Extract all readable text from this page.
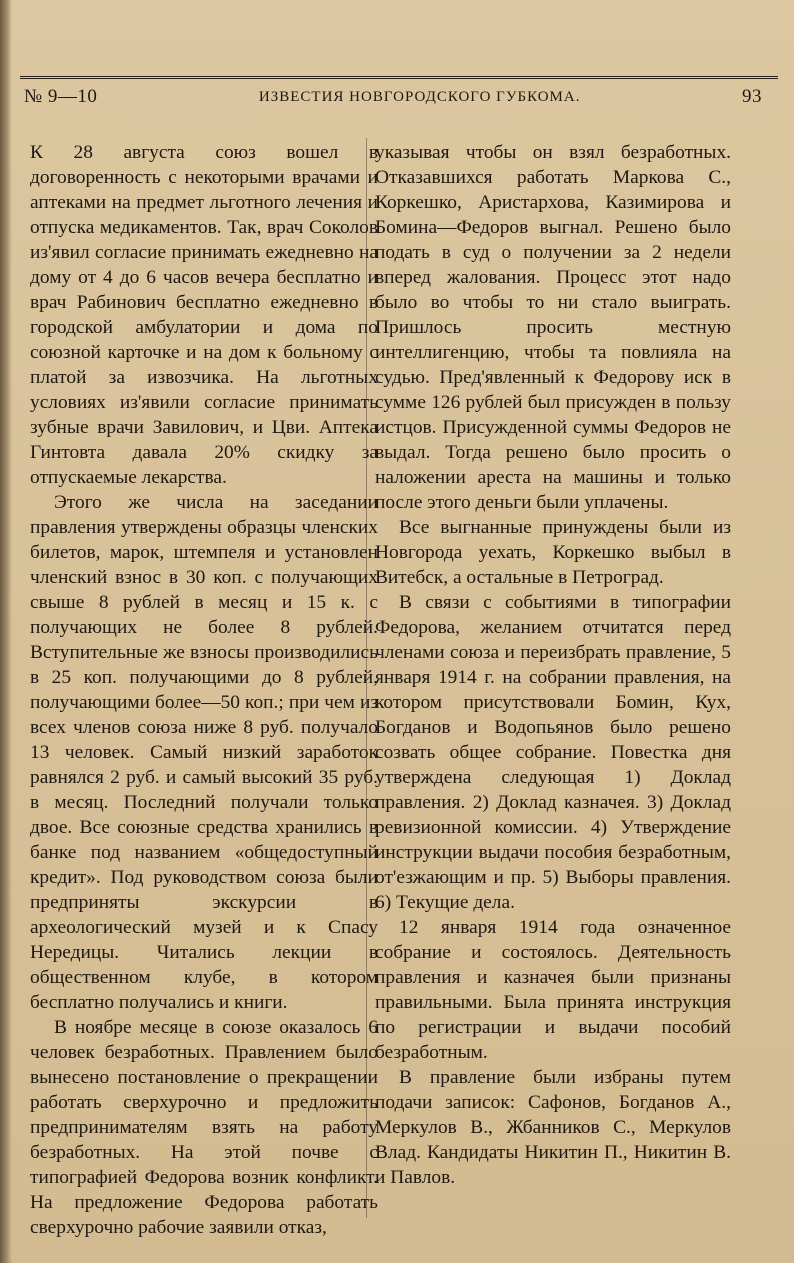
№ 9—10	ИЗВЕСТИЯ НОВГОРОДСКОГО ГУБКОМА.	93

К 28 августа союз вошел в договоренность с некоторыми врачами и аптеками на предмет льготного лечения и отпуска медикаментов. Так, врач Соколов из'явил согласие принимать ежедневно на дому от 4 до 6 часов вечера бесплатно и врач Рабинович бесплатно ежедневно в городской амбулатории и дома по союзной карточке и на дом к больному с платой за извозчика. На льготных условиях из'явили согласие принимать зубные врачи Завилович, и Цви. Аптека Гинтовта давала 20% скидку за отпускаемые лекарства.

Этого же числа на заседании правления утверждены образцы членских билетов, марок, штемпеля и установлен членский взнос в 30 коп. с получающих свыше 8 рублей в месяц и 15 к. с получающих не более 8 рублей. Вступительные же взносы производились в 25 коп. получающими до 8 рублей, получающими более—50 коп.; при чем из всех членов союза ниже 8 руб. получало 13 человек. Самый низкий заработок равнялся 2 руб. и самый высокий 35 руб. в месяц. Последний получали только двое. Все союзные средства хранились в банке под названием «общедоступный кредит». Под руководством союза были предприняты экскурсии в археологический музей и к Спасу Нередицы. Читались лекции в общественном клубе, в котором бесплатно получались и книги.

В ноябре месяце в союзе оказалось 6 человек безработных. Правлением было вынесено постановление о прекращении работать сверхурочно и предложить предпринимателям взять на работу безработных. На этой почве с типографией Федорова возник конфликт. На предложение Федорова работать сверхурочно рабочие заявили отказ,

указывая чтобы он взял безработных. Отказавшихся работать Маркова С., Коркешко, Аристархова, Казимирова и Бомина—Федоров выгнал. Решено было подать в суд о получении за 2 недели вперед жалования. Процесс этот надо было во чтобы то ни стало выиграть. Пришлось просить местную интеллигенцию, чтобы та повлияла на судью. Пред'явленный к Федорову иск в сумме 126 рублей был присужден в пользу истцов. Присужденной суммы Федоров не выдал. Тогда решено было просить о наложении ареста на машины и только после этого деньги были уплачены.

Все выгнанные принуждены были из Новгорода уехать, Коркешко выбыл в Витебск, а остальные в Петроград.

В связи с событиями в типографии Федорова, желанием отчитатся перед членами союза и переизбрать правление, 5 января 1914 г. на собрании правления, на котором присутствовали Бомин, Кух, Богданов и Водопьянов было решено созвать общее собрание. Повестка дня утверждена следующая 1) Доклад правления. 2) Доклад казначея. 3) Доклад ревизионной комиссии. 4) Утверждение инструкции выдачи пособия безработным, от'езжающим и пр. 5) Выборы правления. 6) Текущие дела.

12 января 1914 года означенное собрание и состоялось. Деятельность правления и казначея были признаны правильными. Была принята инструкция по регистрации и выдачи пособий безработным.

В правление были избраны путем подачи записок: Сафонов, Богданов А., Меркулов В., Жбанников С., Меркулов Влад. Кандидаты Никитин П., Никитин В. и Павлов.
